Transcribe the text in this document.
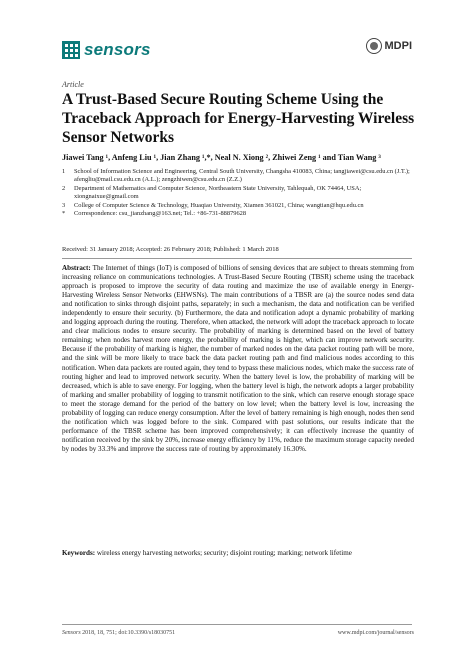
sensors	MDPI
Article
A Trust-Based Secure Routing Scheme Using the Traceback Approach for Energy-Harvesting Wireless Sensor Networks
Jiawei Tang ¹, Anfeng Liu ¹, Jian Zhang ¹,*, Neal N. Xiong ², Zhiwei Zeng ¹ and Tian Wang ³
1	School of Information Science and Engineering, Central South University, Changsha 410083, China; tangjiawei@csu.edu.cn (J.T.); afengliu@mail.csu.edu.cn (A.L.); zengzhiwen@csu.edu.cn (Z.Z.)
2	Department of Mathematics and Computer Science, Northeastern State University, Tahlequah, OK 74464, USA; xiongnaixue@gmail.com
3	College of Computer Science & Technology, Huaqiao University, Xiamen 361021, China; wangtian@hqu.edu.cn
*	Correspondence: csu_jianzhang@163.net; Tel.: +86-731-88879628
Received: 31 January 2018; Accepted: 26 February 2018; Published: 1 March 2018
Abstract: The Internet of things (IoT) is composed of billions of sensing devices that are subject to threats stemming from increasing reliance on communications technologies. A Trust-Based Secure Routing (TBSR) scheme using the traceback approach is proposed to improve the security of data routing and maximize the use of available energy in Energy-Harvesting Wireless Sensor Networks (EHWSNs). The main contributions of a TBSR are (a) the source nodes send data and notification to sinks through disjoint paths, separately; in such a mechanism, the data and notification can be verified independently to ensure their security. (b) Furthermore, the data and notification adopt a dynamic probability of marking and logging approach during the routing. Therefore, when attacked, the network will adopt the traceback approach to locate and clear malicious nodes to ensure security. The probability of marking is determined based on the level of battery remaining; when nodes harvest more energy, the probability of marking is higher, which can improve network security. Because if the probability of marking is higher, the number of marked nodes on the data packet routing path will be more, and the sink will be more likely to trace back the data packet routing path and find malicious nodes according to this notification. When data packets are routed again, they tend to bypass these malicious nodes, which make the success rate of routing higher and lead to improved network security. When the battery level is low, the probability of marking will be decreased, which is able to save energy. For logging, when the battery level is high, the network adopts a larger probability of marking and smaller probability of logging to transmit notification to the sink, which can reserve enough storage space to meet the storage demand for the period of the battery on low level; when the battery level is low, increasing the probability of logging can reduce energy consumption. After the level of battery remaining is high enough, nodes then send the notification which was logged before to the sink. Compared with past solutions, our results indicate that the performance of the TBSR scheme has been improved comprehensively; it can effectively increase the quantity of notification received by the sink by 20%, increase energy efficiency by 11%, reduce the maximum storage capacity needed by nodes by 33.3% and improve the success rate of routing by approximately 16.30%.
Keywords: wireless energy harvesting networks; security; disjoint routing; marking; network lifetime
Sensors 2018, 18, 751; doi:10.3390/s18030751	www.mdpi.com/journal/sensors
